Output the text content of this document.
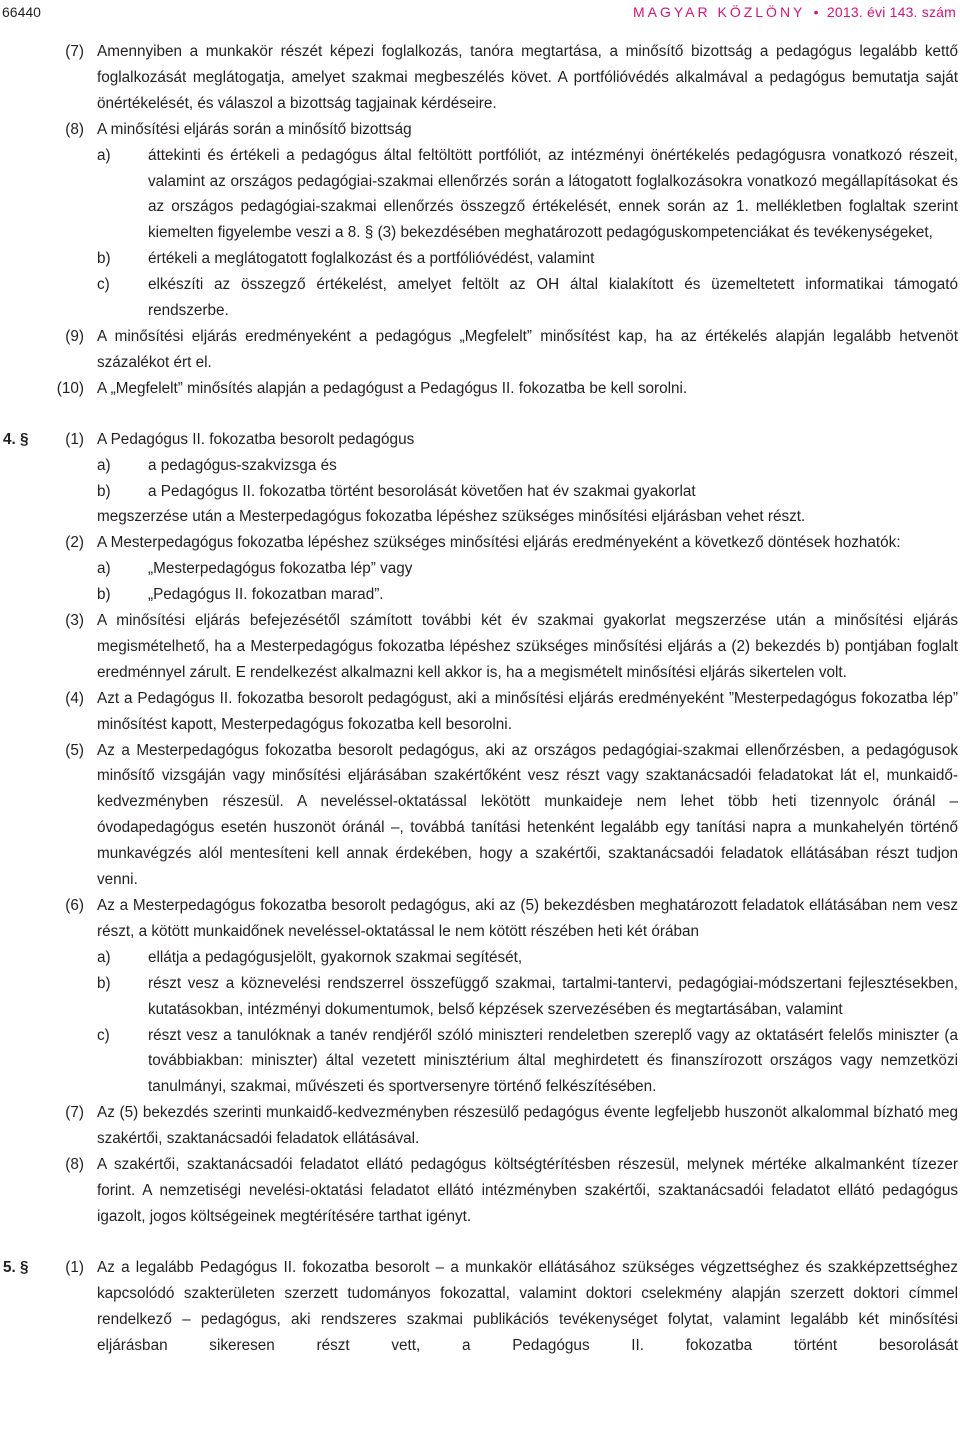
66440	MAGYAR KÖZLÖNY • 2013. évi 143. szám
(7) Amennyiben a munkakör részét képezi foglalkozás, tanóra megtartása, a minősítő bizottság a pedagógus legalább kettő foglalkozását meglátogatja, amelyet szakmai megbeszélés követ. A portfólióvédés alkalmával a pedagógus bemutatja saját önértékelését, és válaszol a bizottság tagjainak kérdéseire.
(8) A minősítési eljárás során a minősítő bizottság
a) áttekinti és értékeli a pedagógus által feltöltött portfóliót, az intézményi önértékelés pedagógusra vonatkozó részeit, valamint az országos pedagógiai-szakmai ellenőrzés során a látogatott foglalkozásokra vonatkozó megállapításokat és az országos pedagógiai-szakmai ellenőrzés összegző értékelését, ennek során az 1. mellékletben foglaltak szerint kiemelten figyelembe veszi a 8. § (3) bekezdésében meghatározott pedagóguskompetenciákat és tevékenységeket,
b) értékeli a meglátogatott foglalkozást és a portfólióvédést, valamint
c)	elkészíti az összegző értékelést, amelyet feltölt az OH által kialakított és üzemeltetett informatikai támogató rendszerbe.
(9) A minősítési eljárás eredményeként a pedagógus „Megfelelt” minősítést kap, ha az értékelés alapján legalább hetvenöt százalékot ért el.
(10) A „Megfelelt” minősítés alapján a pedagógust a Pedagógus II. fokozatba be kell sorolni.
4. § (1) A Pedagógus II. fokozatba besorolt pedagógus
a) a pedagógus-szakvizsga és
b) a Pedagógus II. fokozatba történt besorolását követően hat év szakmai gyakorlat
megszerzése után a Mesterpedagógus fokozatba lépéshez szükséges minősítési eljárásban vehet részt.
(2) A Mesterpedagógus fokozatba lépéshez szükséges minősítési eljárás eredményeként a következő döntések hozhatók:
a) „Mesterpedagógus fokozatba lép” vagy
b) „Pedagógus II. fokozatban marad”.
(3) A minősítési eljárás befejezésétől számított további két év szakmai gyakorlat megszerzése után a minősítési eljárás megismételhető, ha a Mesterpedagógus fokozatba lépéshez szükséges minősítési eljárás a (2) bekezdés b) pontjában foglalt eredménnyel zárult. E rendelkezést alkalmazni kell akkor is, ha a megismételt minősítési eljárás sikertelen volt.
(4) Azt a Pedagógus II. fokozatba besorolt pedagógust, aki a minősítési eljárás eredményeként ”Mesterpedagógus fokozatba lép” minősítést kapott, Mesterpedagógus fokozatba kell besorolni.
(5) Az a Mesterpedagógus fokozatba besorolt pedagógus, aki az országos pedagógiai-szakmai ellenőrzésben, a pedagógusok minősítő vizsgáján vagy minősítési eljárásában szakértőként vesz részt vagy szaktanácsadói feladatokat lát el, munkaidő-kedvezményben részesül. A neveléssel-oktatással lekötött munkaideje nem lehet több heti tizennyolc óránál – óvodapedagógus esetén huszonöt óránál –, továbbá tanítási hetenként legalább egy tanítási napra a munkahelyén történő munkavégzés alól mentesíteni kell annak érdekében, hogy a szakértői, szaktanácsadói feladatok ellátásában részt tudjon venni.
(6) Az a Mesterpedagógus fokozatba besorolt pedagógus, aki az (5) bekezdésben meghatározott feladatok ellátásában nem vesz részt, a kötött munkaidőnek neveléssel-oktatással le nem kötött részében heti két órában
a) ellátja a pedagógusjelölt, gyakornok szakmai segítését,
b) részt vesz a köznevelési rendszerrel összefüggő szakmai, tartalmi-tantervi, pedagógiai-módszertani fejlesztésekben, kutatásokban, intézményi dokumentumok, belső képzések szervezésében és megtartásában, valamint
c)	részt vesz a tanulóknak a tanév rendjéről szóló miniszteri rendeletben szereplő vagy az oktatásért felelős miniszter (a továbbiakban: miniszter) által vezetett minisztérium által meghirdetett és finanszírozott országos vagy nemzetközi tanulmányi, szakmai, művészeti és sportversenyre történő felkészítésében.
(7) Az (5) bekezdés szerinti munkaidő-kedvezményben részesülő pedagógus évente legfeljebb huszonöt alkalommal bízható meg szakértői, szaktanácsadói feladatok ellátásával.
(8) A szakértői, szaktanácsadói feladatot ellátó pedagógus költségtérítésben részesül, melynek mértéke alkalmanként tízezer forint. A nemzetiségi nevelési-oktatási feladatot ellátó intézményben szakértői, szaktanácsadói feladatot ellátó pedagógus igazolt, jogos költségeinek megtérítésére tarthat igényt.
5. § (1) Az a legalább Pedagógus II. fokozatba besorolt – a munkakör ellátásához szükséges végzettséghez és szakképzettséghez kapcsolódó szakterületen szerzett tudományos fokozattal, valamint doktori cselekmény alapján szerzett doktori címmel rendelkező – pedagógus, aki rendszeres szakmai publikációs tevékenységet folytat, valamint legalább két minősítési eljárásban sikeresen részt vett, a Pedagógus II. fokozatba történt besorolását
